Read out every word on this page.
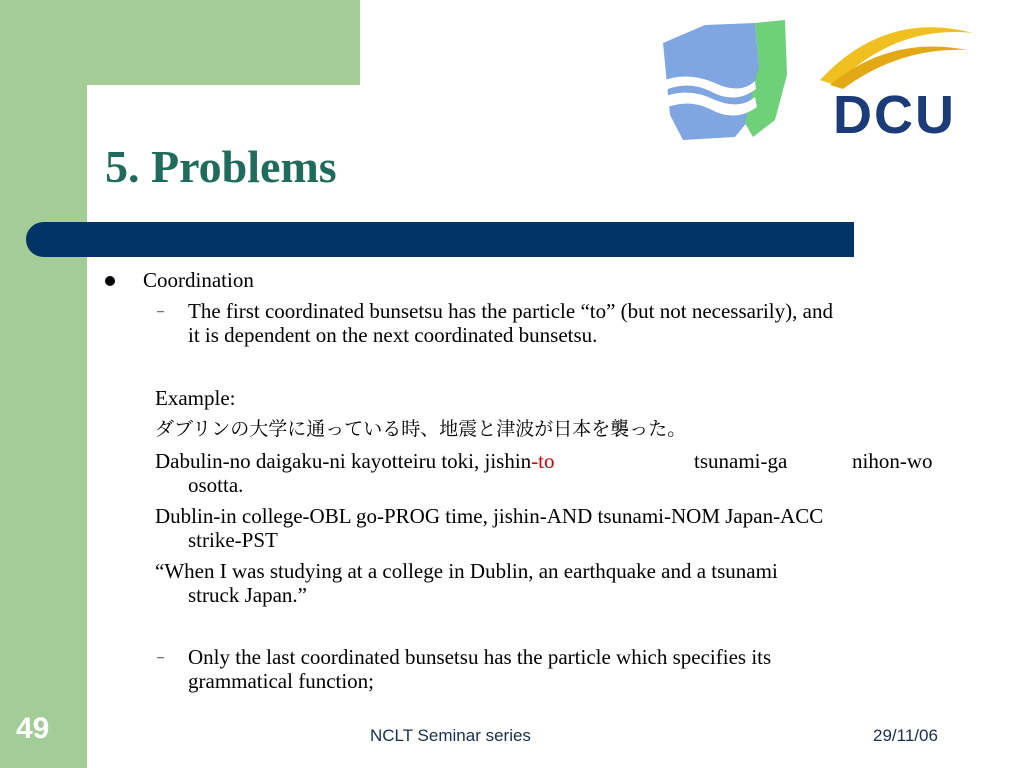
DCU
5. Problems
Coordination
– The first coordinated bunsetsu has the particle “to” (but not necessarily), and
it is dependent on the next coordinated bunsetsu.
Example:
ダブリンの大学に通っている時、地震と津波が日本を襲った。
Dabulin-no daigaku-ni kayotteiru toki, jishin-to	tsunami-ga	nihon-wo
osotta.
Dublin-in college-OBL go-PROG time, jishin-AND tsunami-NOM Japan-ACC
strike-PST
“When I was studying at a college in Dublin, an earthquake and a tsunami
struck Japan.”
– Only the last coordinated bunsetsu has the particle which specifies its
grammatical function;
49	NCLT Seminar series	29/11/06
